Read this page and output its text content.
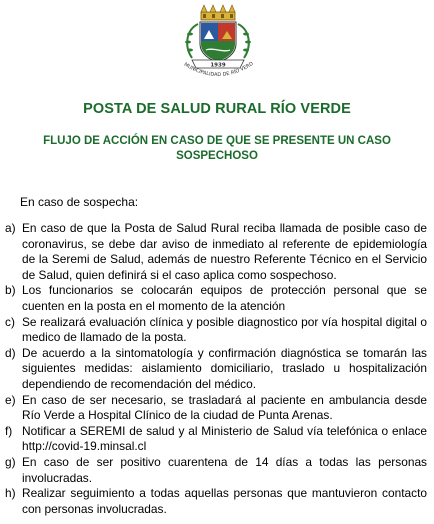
1939
MUNICIPALIDAD DE RÍO VERD
POSTA DE SALUD RURAL RÍO VERDE
FLUJO DE ACCIÓN EN CASO DE QUE SE PRESENTE UN CASO SOSPECHOSO

En caso de sospecha:

a) En caso de que la Posta de Salud Rural reciba llamada de posible caso de coronavirus, se debe dar aviso de inmediato al referente de epidemiología de la Seremi de Salud, además de nuestro Referente Técnico en el Servicio de Salud, quien definirá si el caso aplica como sospechoso.
b) Los funcionarios se colocarán equipos de protección personal que se cuenten en la posta en el momento de la atención
c) Se realizará evaluación clínica y posible diagnostico por vía hospital digital o medico de llamado de la posta.
d) De acuerdo a la sintomatología y confirmación diagnóstica se tomarán las siguientes medidas: aislamiento domiciliario, traslado u hospitalización dependiendo de recomendación del médico.
e) En caso de ser necesario, se trasladará al paciente en ambulancia desde Río Verde a Hospital Clínico de la ciudad de Punta Arenas.
f) Notificar a SEREMI de salud y al Ministerio de Salud vía telefónica o enlace http://covid-19.minsal.cl
g) En caso de ser positivo cuarentena de 14 días a todas las personas involucradas.
h) Realizar seguimiento a todas aquellas personas que mantuvieron contacto con personas involucradas.
